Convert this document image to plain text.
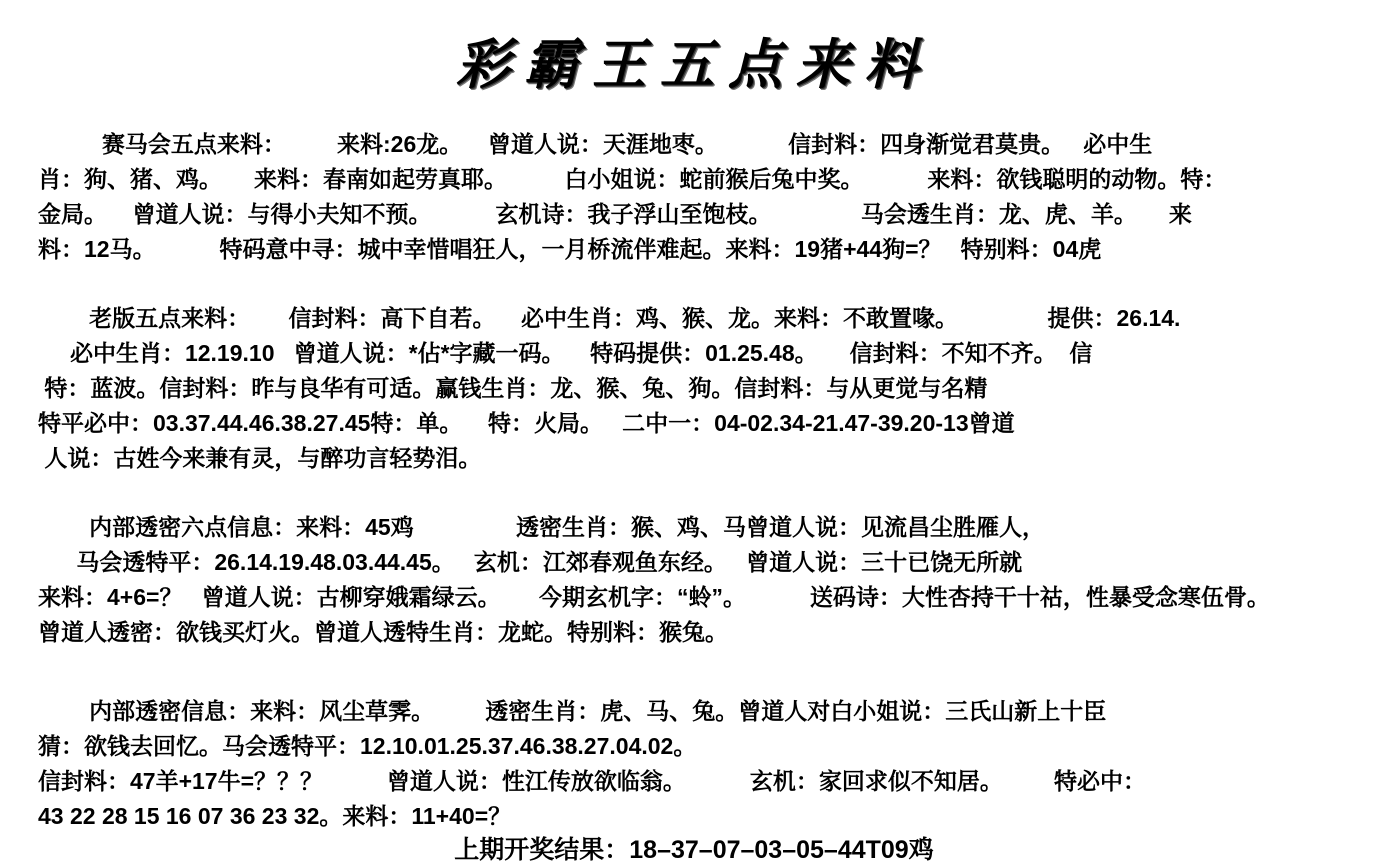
彩霸王五点来料
赛马会五点来料：        来料:26龙。    曾道人说：天涯地枣。           信封料：四身渐觉君莫贵。   必中生
肖：狗、猪、鸡。     来料：春南如起劳真耶。         白小姐说：蛇前猴后兔中奖。          来料：欲钱聪明的动物。特：
金局。    曾道人说：与得小夫知不预。          玄机诗：我子浮山至饱枝。              马会透生肖：龙、虎、羊。     来
料：12马。          特码意中寻：城中幸惜唱狂人，一月桥流伴难起。来料：19猪+44狗=？   特别料：04虎
老版五点来料：      信封料：高下自若。    必中生肖：鸡、猴、龙。来料：不敢置喙。              提供：26.14.
必中生肖：12.19.10   曾道人说：*佔*字藏一码。    特码提供：01.25.48。     信封料：不知不齐。  信
特：蓝波。信封料：昨与良华有可适。赢钱生肖：龙、猴、兔、狗。信封料：与从更觉与名精
特平必中：03.37.44.46.38.27.45特：单。    特：火局。   二中一：04-02.34-21.47-39.20-13曾道
人说：古姓今来兼有灵，与醉功言轻势泪。
内部透密六点信息：来料：45鸡                透密生肖：猴、鸡、马曾道人说：见流昌尘胜雁人，
马会透特平：26.14.19.48.03.44.45。   玄机：江郊春观鱼东经。   曾道人说：三十已饶无所就
来料：4+6=？   曾道人说：古柳穿娥霜绿云。      今期玄机字：“蛉”。          送码诗：大性杏持干十祜，性暴受念寒伍骨。
曾道人透密：欲钱买灯火。曾道人透特生肖：龙蛇。特别料：猴兔。
内部透密信息：来料：风尘草霁。        透密生肖：虎、马、兔。曾道人对白小姐说：三氏山新上十臣
猜：欲钱去回忆。马会透特平：12.10.01.25.37.46.38.27.04.02。
信封料：47羊+17牛=？？？          曾道人说：性江传放欲临翁。          玄机：家回求似不知居。        特必中：
43 22 28 15 16 07 36 23 32。来料：11+40=？
上期开奖结果：18–37–07–03–05–44T09鸡
